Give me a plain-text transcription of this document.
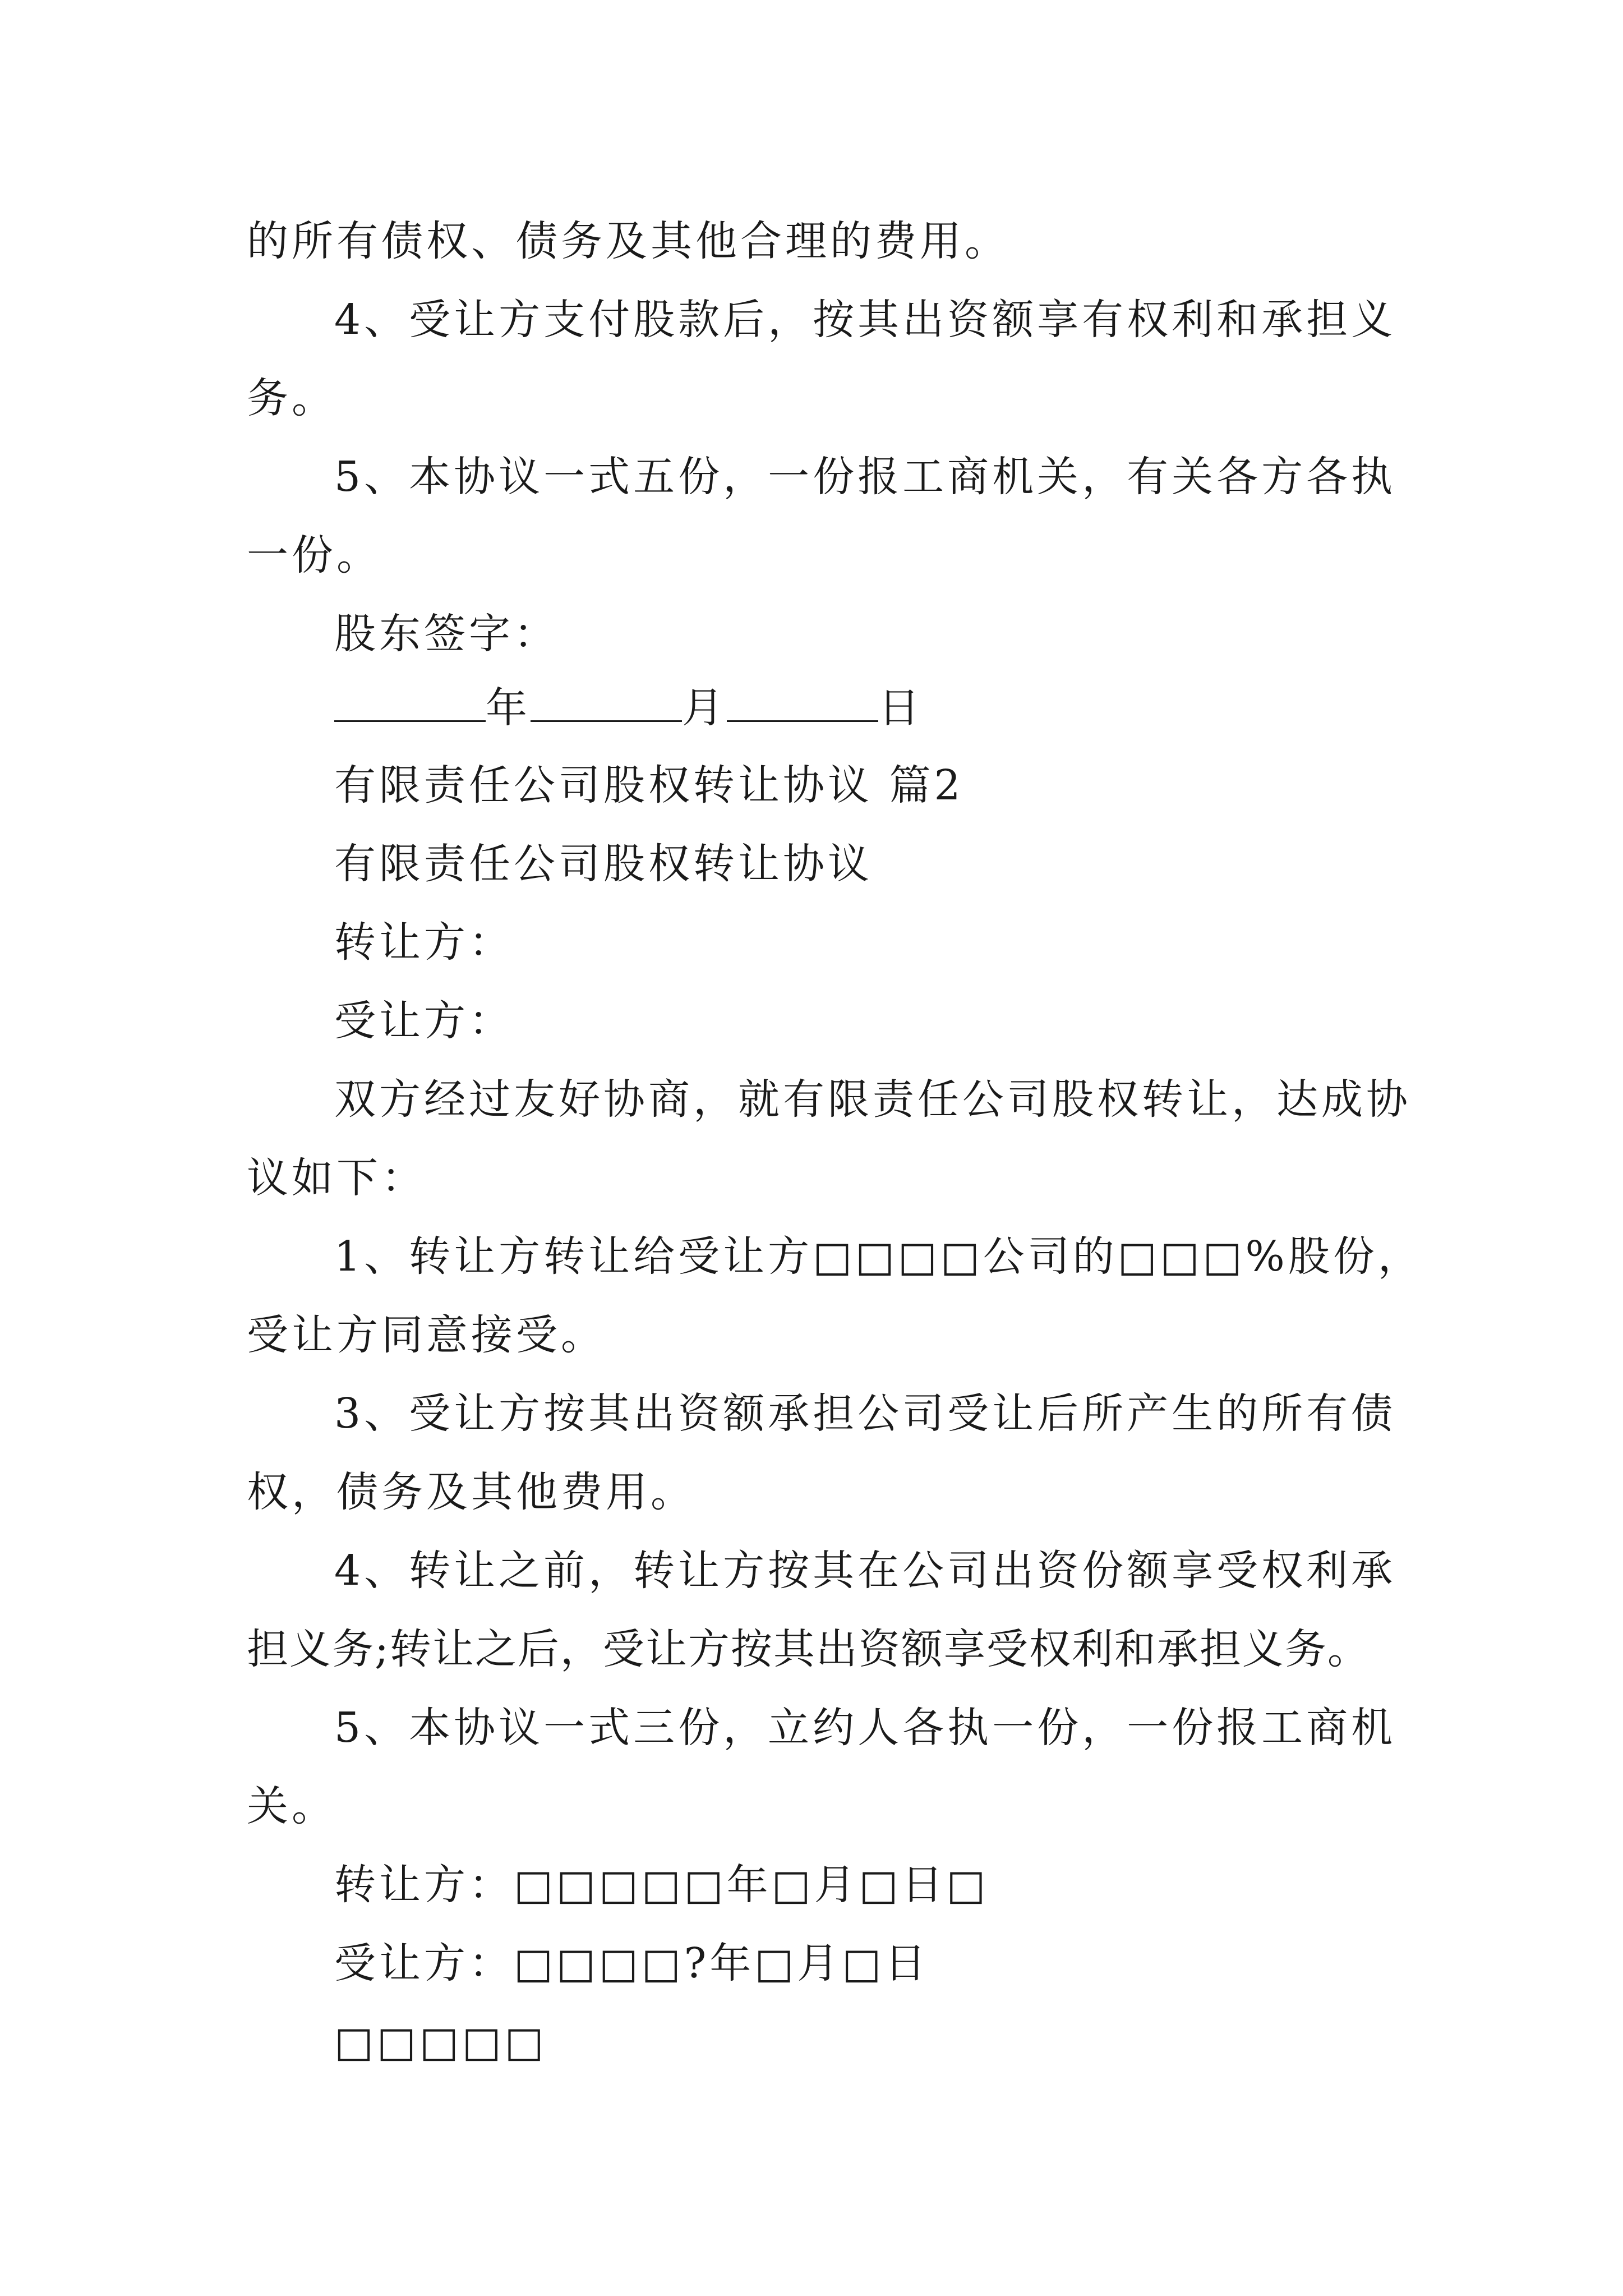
的所有债权、债务及其他合理的费用。
4、受让方支付股款后，按其出资额享有权利和承担义
务。
5、本协议一式五份，一份报工商机关，有关各方各执
一份。
股东签字：
年	月	日
有限责任公司股权转让协议 篇2
有限责任公司股权转让协议
转让方：
受让方：
双方经过友好协商，就有限责任公司股权转让，达成协
议如下：
1、转让方转让给受让方□□□□公司的□□□%股份，
受让方同意接受。
3、受让方按其出资额承担公司受让后所产生的所有债
权，债务及其他费用。
4、转让之前，转让方按其在公司出资份额享受权利承
担义务;转让之后，受让方按其出资额享受权利和承担义务。
5、本协议一式三份，立约人各执一份，一份报工商机
关。
转让方：□□□□□年□月□日□
受让方：□□□□?年□月□日
□□□□□
